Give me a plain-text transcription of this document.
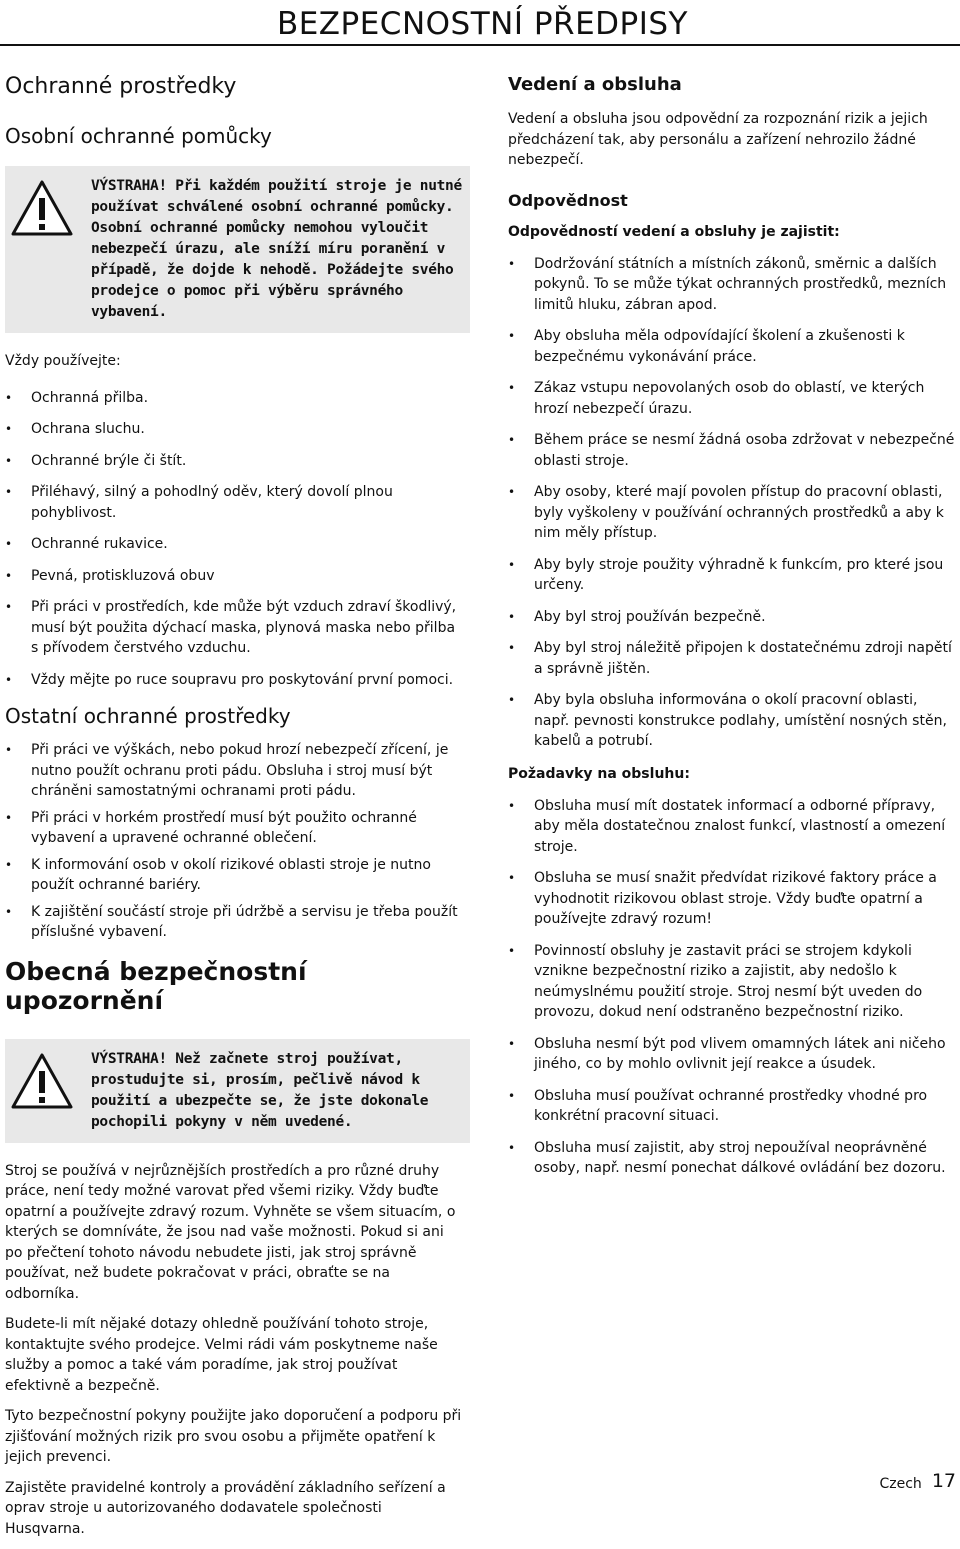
BEZPECNOSTNÍ PŘEDPISY
Ochranné prostředky
Osobní ochranné pomůcky
VÝSTRAHA! Při každém použití stroje je nutné používat schválené osobní ochranné pomůcky. Osobní ochranné pomůcky nemohou vyloučit nebezpečí úrazu, ale sníží míru poranění v případě, že dojde k nehodě. Požádejte svého prodejce o pomoc při výběru správného vybavení.

Vždy používejte:

• Ochranná přilba.
• Ochrana sluchu.
• Ochranné brýle či štít.
• Přiléhavý, silný a pohodlný oděv, který dovolí plnou pohyblivost.
• Ochranné rukavice.
• Pevná, protiskluzová obuv
• Při práci v prostředích, kde může být vzduch zdraví škodlivý, musí být použita dýchací maska, plynová maska nebo přilba s přívodem čerstvého vzduchu.
• Vždy mějte po ruce soupravu pro poskytování první pomoci.
Ostatní ochranné prostředky
• Při práci ve výškách, nebo pokud hrozí nebezpečí zřícení, je nutno použít ochranu proti pádu. Obsluha i stroj musí být chráněni samostatnými ochranami proti pádu.
• Při práci v horkém prostředí musí být použito ochranné vybavení a upravené ochranné oblečení.
• K informování osob v okolí rizikové oblasti stroje je nutno použít ochranné bariéry.
• K zajištění součástí stroje při údržbě a servisu je třeba použít příslušné vybavení.
Obecná bezpečnostní upozornění
VÝSTRAHA! Než začnete stroj používat, prostudujte si, prosím, pečlivě návod k použití a ubezpečte se, že jste dokonale pochopili pokyny v něm uvedené.

Stroj se používá v nejrůznějších prostředích a pro různé druhy práce, není tedy možné varovat před všemi riziky. Vždy buďte opatrní a používejte zdravý rozum. Vyhněte se všem situacím, o kterých se domníváte, že jsou nad vaše možnosti. Pokud si ani po přečtení tohoto návodu nebudete jisti, jak stroj správně používat, než budete pokračovat v práci, obraťte se na odborníka.

Budete-li mít nějaké dotazy ohledně používání tohoto stroje, kontaktujte svého prodejce. Velmi rádi vám poskytneme naše služby a pomoc a také vám poradíme, jak stroj používat efektivně a bezpečně.

Tyto bezpečnostní pokyny použijte jako doporučení a podporu při zjišťování možných rizik pro svou osobu a přijměte opatření k jejich prevenci.

Zajistěte pravidelné kontroly a provádění základního seřízení a oprav stroje u autorizovaného dodavatele společnosti Husqvarna.

Vedení a obsluha

Vedení a obsluha jsou odpovědní za rozpoznání rizik a jejich předcházení tak, aby personálu a zařízení nehrozilo žádné nebezpečí.

Odpovědnost

Odpovědností vedení a obsluhy je zajistit:

• Dodržování státních a místních zákonů, směrnic a dalších pokynů. To se může týkat ochranných prostředků, mezních limitů hluku, zábran apod.
• Aby obsluha měla odpovídající školení a zkušenosti k bezpečnému vykonávání práce.
• Zákaz vstupu nepovolaných osob do oblastí, ve kterých hrozí nebezpečí úrazu.
• Během práce se nesmí žádná osoba zdržovat v nebezpečné oblasti stroje.
• Aby osoby, které mají povolen přístup do pracovní oblasti, byly vyškoleny v používání ochranných prostředků a aby k nim měly přístup.
• Aby byly stroje použity výhradně k funkcím, pro které jsou určeny.
• Aby byl stroj používán bezpečně.
• Aby byl stroj náležitě připojen k dostatečnému zdroji napětí a správně jištěn.
• Aby byla obsluha informována o okolí pracovní oblasti, např. pevnosti konstrukce podlahy, umístění nosných stěn, kabelů a potrubí.

Požadavky na obsluhu:

• Obsluha musí mít dostatek informací a odborné přípravy, aby měla dostatečnou znalost funkcí, vlastností a omezení stroje.
• Obsluha se musí snažit předvídat rizikové faktory práce a vyhodnotit rizikovou oblast stroje. Vždy buďte opatrní a používejte zdravý rozum!
• Povinností obsluhy je zastavit práci se strojem kdykoli vznikne bezpečnostní riziko a zajistit, aby nedošlo k neúmyslnému použití stroje. Stroj nesmí být uveden do provozu, dokud není odstraněno bezpečnostní riziko.
• Obsluha nesmí být pod vlivem omamných látek ani ničeho jiného, co by mohlo ovlivnit její reakce a úsudek.
• Obsluha musí používat ochranné prostředky vhodné pro konkrétní pracovní situaci.
• Obsluha musí zajistit, aby stroj nepoužíval neoprávněné osoby, např. nesmí ponechat dálkové ovládání bez dozoru.
Czech 17
